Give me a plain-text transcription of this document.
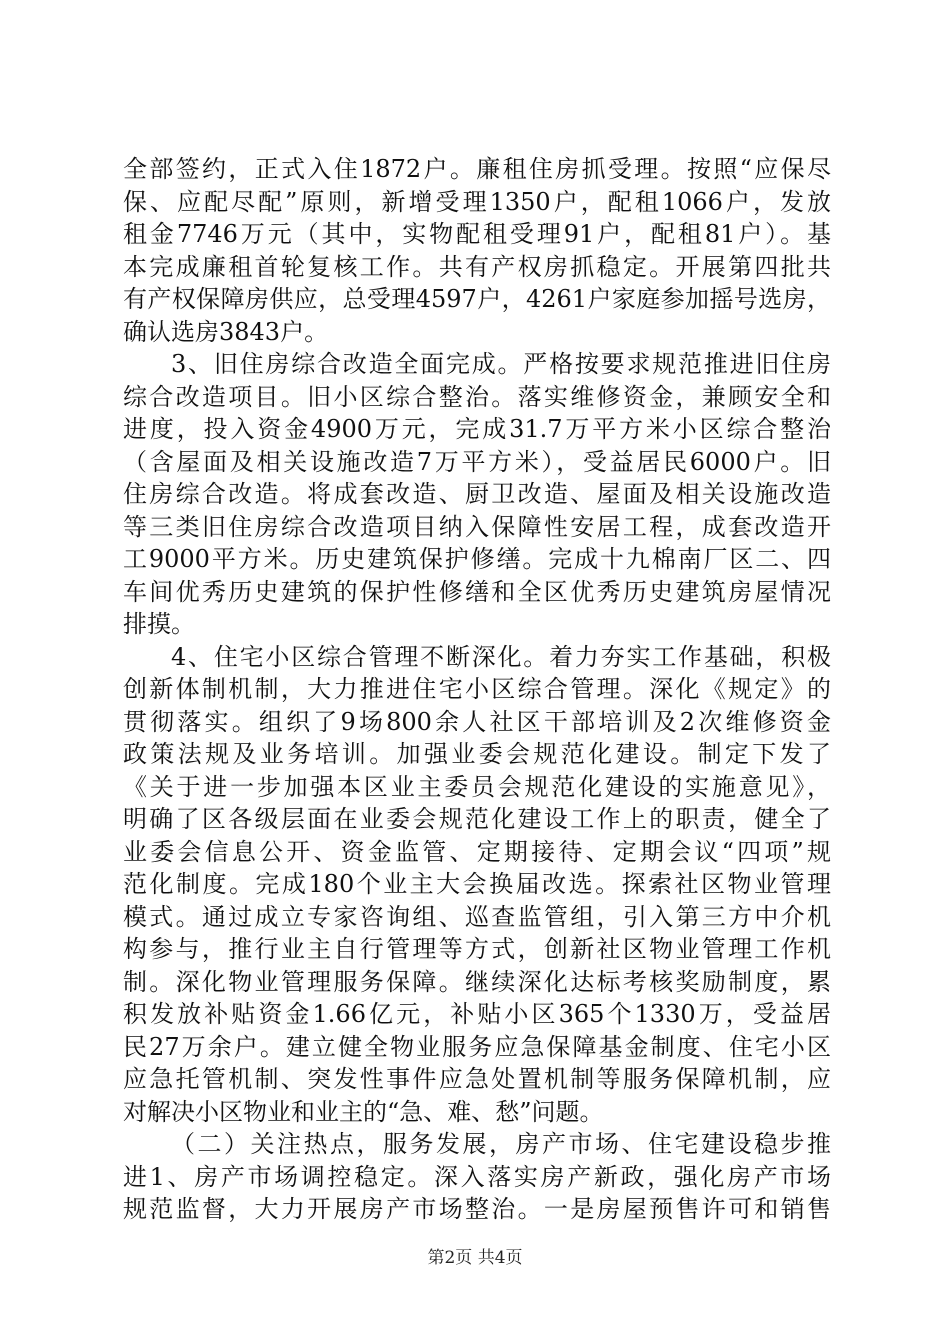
全部签约，正式入住1872户。廉租住房抓受理。按照“应保尽
保、应配尽配”原则，新增受理1350户，配租1066户，发放
租金7746万元（其中，实物配租受理91户，配租81户）。基
本完成廉租首轮复核工作。共有产权房抓稳定。开展第四批共
有产权保障房供应，总受理4597户，4261户家庭参加摇号选房，
确认选房3843户。
3、旧住房综合改造全面完成。严格按要求规范推进旧住房
综合改造项目。旧小区综合整治。落实维修资金，兼顾安全和
进度，投入资金4900万元，完成31.7万平方米小区综合整治
（含屋面及相关设施改造7万平方米），受益居民6000户。旧
住房综合改造。将成套改造、厨卫改造、屋面及相关设施改造
等三类旧住房综合改造项目纳入保障性安居工程，成套改造开
工9000平方米。历史建筑保护修缮。完成十九棉南厂区二、四
车间优秀历史建筑的保护性修缮和全区优秀历史建筑房屋情况
排摸。
4、住宅小区综合管理不断深化。着力夯实工作基础，积极
创新体制机制，大力推进住宅小区综合管理。深化《规定》的
贯彻落实。组织了9场800余人社区干部培训及2次维修资金
政策法规及业务培训。加强业委会规范化建设。制定下发了
《关于进一步加强本区业主委员会规范化建设的实施意见》，
明确了区各级层面在业委会规范化建设工作上的职责，健全了
业委会信息公开、资金监管、定期接待、定期会议“四项”规
范化制度。完成180个业主大会换届改选。探索社区物业管理
模式。通过成立专家咨询组、巡查监管组，引入第三方中介机
构参与，推行业主自行管理等方式，创新社区物业管理工作机
制。深化物业管理服务保障。继续深化达标考核奖励制度，累
积发放补贴资金1.66亿元，补贴小区365个1330万，受益居
民27万余户。建立健全物业服务应急保障基金制度、住宅小区
应急托管机制、突发性事件应急处置机制等服务保障机制，应
对解决小区物业和业主的“急、难、愁”问题。
（二）关注热点，服务发展，房产市场、住宅建设稳步推
进1、房产市场调控稳定。深入落实房产新政，强化房产市场
规范监督，大力开展房产市场整治。一是房屋预售许可和销售
第2页 共4页
